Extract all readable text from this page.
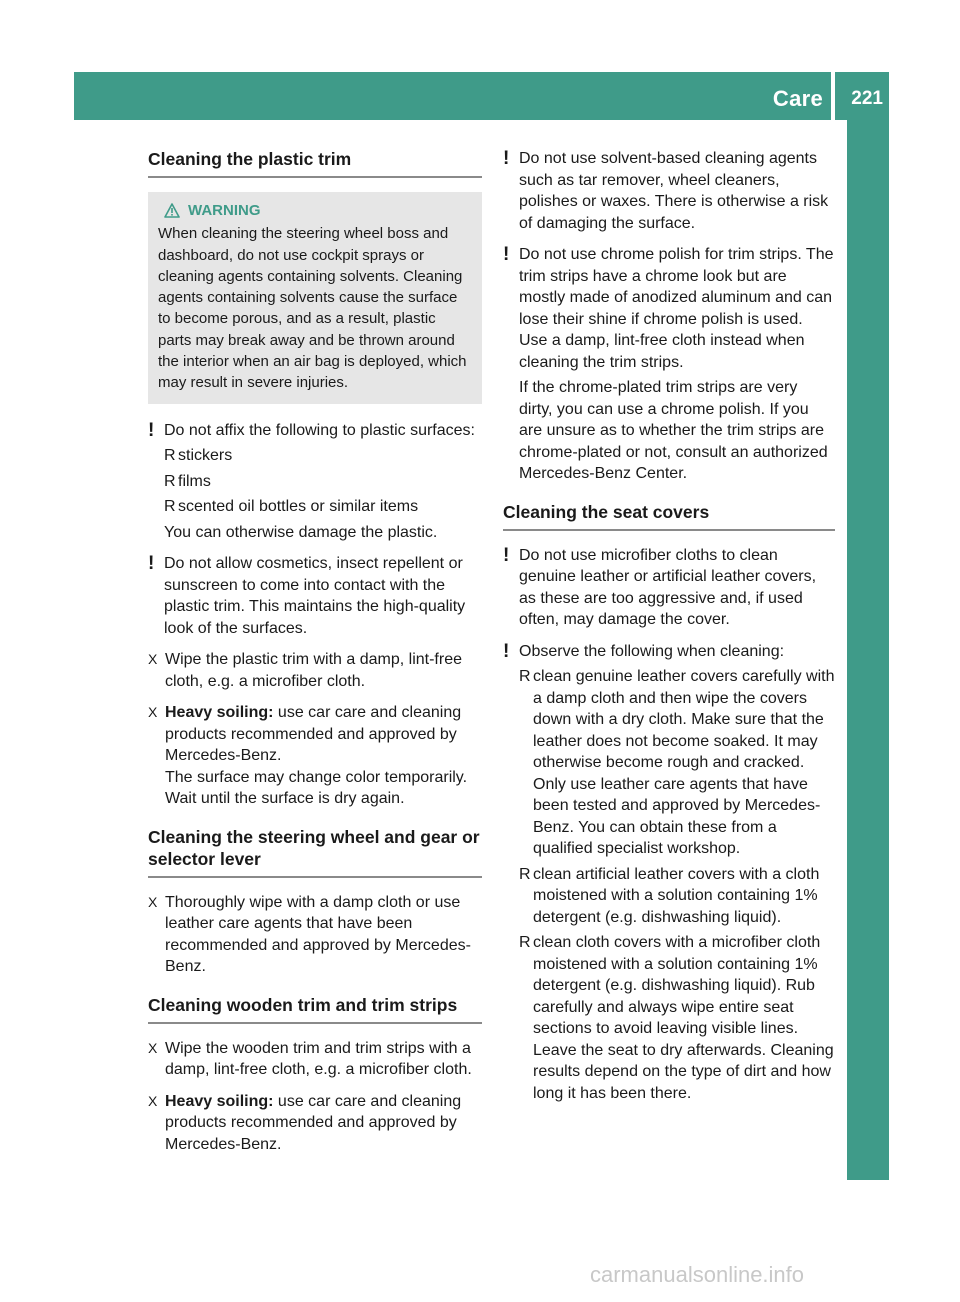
Care 221
Maintenance and care
Cleaning the plastic trim
WARNING
When cleaning the steering wheel boss and dashboard, do not use cockpit sprays or cleaning agents containing solvents. Cleaning agents containing solvents cause the surface to become porous, and as a result, plastic parts may break away and be thrown around the interior when an air bag is deployed, which may result in severe injuries.
! Do not affix the following to plastic surfaces:
R stickers
R films
R scented oil bottles or similar items
You can otherwise damage the plastic.
! Do not allow cosmetics, insect repellent or sunscreen to come into contact with the plastic trim. This maintains the high-quality look of the surfaces.
X Wipe the plastic trim with a damp, lint-free cloth, e.g. a microfiber cloth.
X Heavy soiling: use car care and cleaning products recommended and approved by Mercedes-Benz.
The surface may change color temporarily. Wait until the surface is dry again.
Cleaning the steering wheel and gear or selector lever
X Thoroughly wipe with a damp cloth or use leather care agents that have been recommended and approved by Mercedes-Benz.
Cleaning wooden trim and trim strips
X Wipe the wooden trim and trim strips with a damp, lint-free cloth, e.g. a microfiber cloth.
X Heavy soiling: use car care and cleaning products recommended and approved by Mercedes-Benz.
! Do not use solvent-based cleaning agents such as tar remover, wheel cleaners, polishes or waxes. There is otherwise a risk of damaging the surface.
! Do not use chrome polish for trim strips. The trim strips have a chrome look but are mostly made of anodized aluminum and can lose their shine if chrome polish is used. Use a damp, lint-free cloth instead when cleaning the trim strips.
If the chrome-plated trim strips are very dirty, you can use a chrome polish. If you are unsure as to whether the trim strips are chrome-plated or not, consult an authorized Mercedes-Benz Center.
Cleaning the seat covers
! Do not use microfiber cloths to clean genuine leather or artificial leather covers, as these are too aggressive and, if used often, may damage the cover.
! Observe the following when cleaning:
R clean genuine leather covers carefully with a damp cloth and then wipe the covers down with a dry cloth. Make sure that the leather does not become soaked. It may otherwise become rough and cracked. Only use leather care agents that have been tested and approved by Mercedes-Benz. You can obtain these from a qualified specialist workshop.
R clean artificial leather covers with a cloth moistened with a solution containing 1% detergent (e.g. dishwashing liquid).
R clean cloth covers with a microfiber cloth moistened with a solution containing 1% detergent (e.g. dishwashing liquid). Rub carefully and always wipe entire seat sections to avoid leaving visible lines. Leave the seat to dry afterwards. Cleaning results depend on the type of dirt and how long it has been there.
carmanualsonline.info
